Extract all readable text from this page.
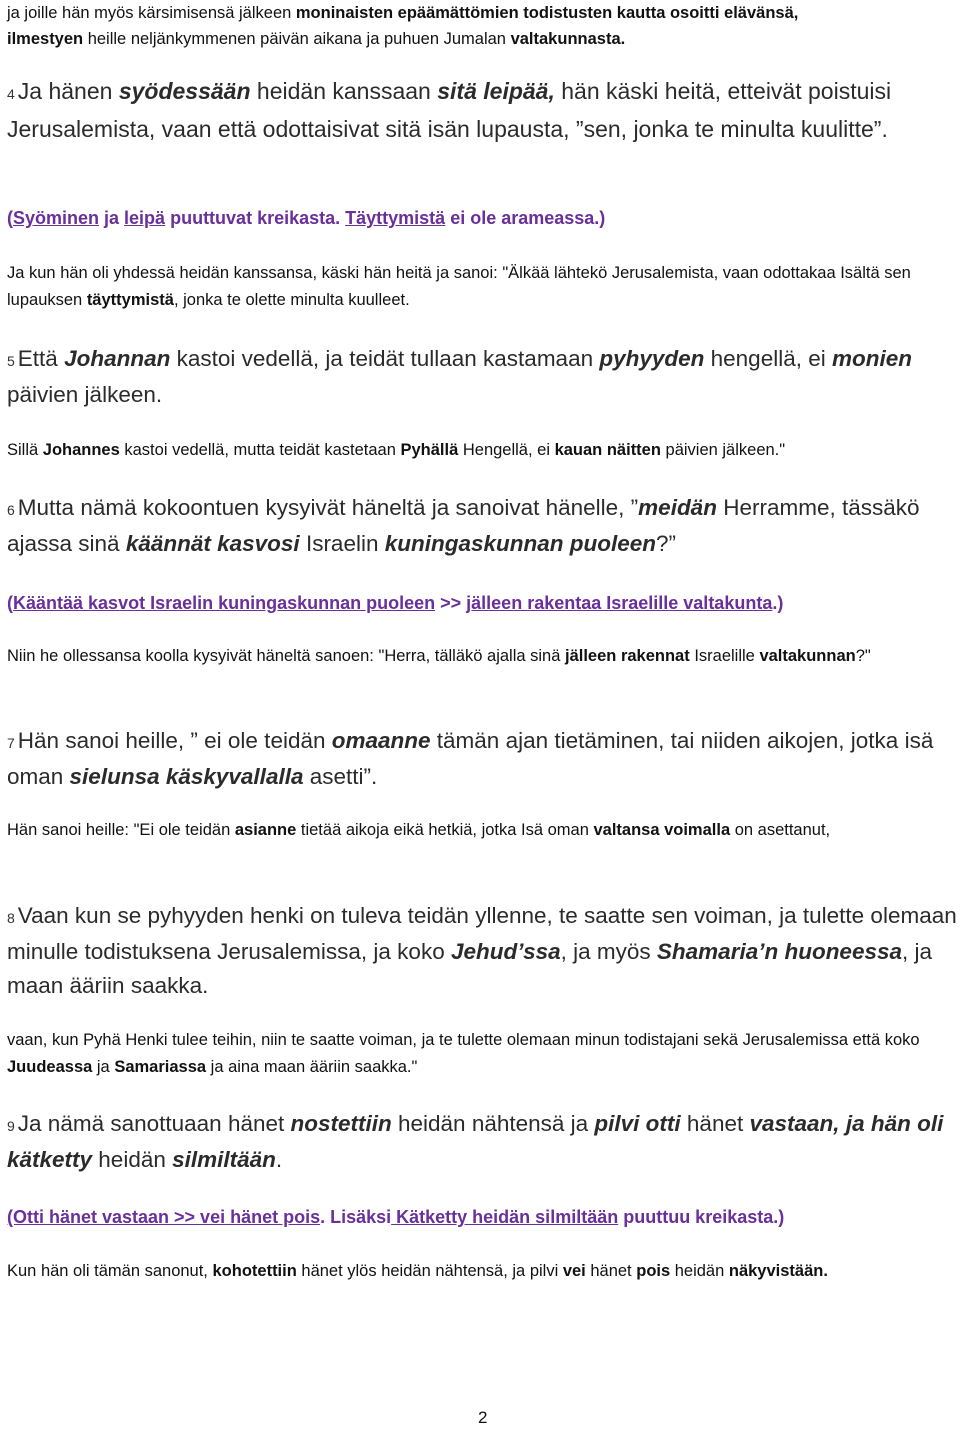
ja joille hän myös kärsimisensä jälkeen moninaisten epäämättömien todistusten kautta osoitti elävänsä,
ilmestyen heille neljänkymmenen päivän aikana ja puhuen Jumalan valtakunnasta.

4 Ja hänen syödessään heidän kanssaan sitä leipää, hän käski heitä, etteivät poistuisi Jerusalemista, vaan että odottaisivat sitä isän lupausta, ”sen, jonka te minulta kuulitte”.

(Syöminen ja leipä puuttuvat kreikasta. Täyttymistä ei ole arameassa.)

Ja kun hän oli yhdessä heidän kanssansa, käski hän heitä ja sanoi: "Älkää lähtekö Jerusalemista, vaan odottakaa Isältä sen lupauksen täyttymistä, jonka te olette minulta kuulleet.

5 Että Johannan kastoi vedellä, ja teidät tullaan kastamaan pyhyyden hengellä, ei monien päivien jälkeen.

Sillä Johannes kastoi vedellä, mutta teidät kastetaan Pyhällä Hengellä, ei kauan näitten päivien jälkeen."

6 Mutta nämä kokoontuen kysyivät häneltä ja sanoivat hänelle, ”meidän Herramme, tässäkö ajassa sinä käännät kasvosi Israelin kuningaskunnan puoleen?”

(Kääntää kasvot Israelin kuningaskunnan puoleen >> jälleen rakentaa Israelille valtakunta.)

Niin he ollessansa koolla kysyivät häneltä sanoen: "Herra, tälläkö ajalla sinä jälleen rakennat Israelille valtakunnan?"

7 Hän sanoi heille, ” ei ole teidän omaanne tämän ajan tietäminen, tai niiden aikojen, jotka isä oman sielunsa käskyvallalla asetti”.

Hän sanoi heille: "Ei ole teidän asianne tietää aikoja eikä hetkiä, jotka Isä oman valtansa voimalla on asettanut,

8 Vaan kun se pyhyyden henki on tuleva teidän yllenne, te saatte sen voiman, ja tulette olemaan minulle todistuksena Jerusalemissa, ja koko Jehud’ssa, ja myös Shamaria’n huoneessa, ja maan ääriin saakka.

vaan, kun Pyhä Henki tulee teihin, niin te saatte voiman, ja te tulette olemaan minun todistajani sekä Jerusalemissa että koko Juudeassa ja Samariassa ja aina maan ääriin saakka."

9 Ja nämä sanottuaan hänet nostettiin heidän nähtensä ja pilvi otti hänet vastaan, ja hän oli kätketty heidän silmiltään.

(Otti hänet vastaan >> vei hänet pois. Lisäksi Kätketty heidän silmiltään puuttuu kreikasta.)

Kun hän oli tämän sanonut, kohotettiin hänet ylös heidän nähtensä, ja pilvi vei hänet pois heidän näkyvistään.

2
